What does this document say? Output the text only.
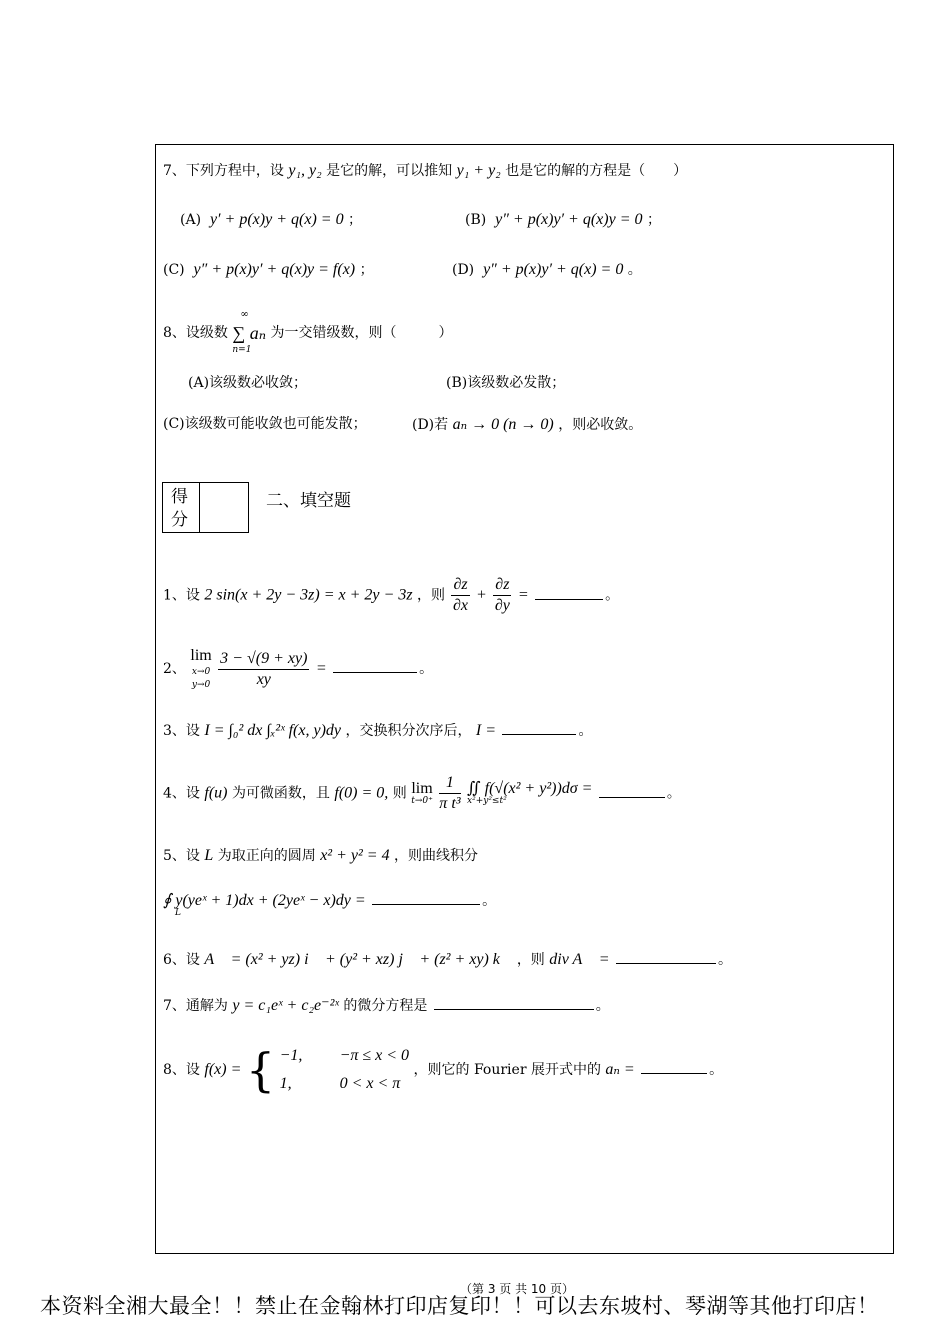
7、下列方程中，设 y₁, y₂ 是它的解，可以推知 y₁ + y₂ 也是它的解的方程是（　　）
(A) y′ + p(x)y + q(x) = 0 ；	(B) y″ + p(x)y′ + q(x)y = 0 ；
(C) y″ + p(x)y′ + q(x)y = f(x) ；	(D) y″ + p(x)y′ + q(x) = 0 。
8、设级数
∞
∑ aₙ
n=1
为一交错级数，则（　　　）
(A)该级数必收敛；	(B)该级数必发散；
(C)该级数可能收敛也可能发散；	(D)若 aₙ → 0 (n → 0) ，则必收敛。
得
分
二、填空题
1、设 2 sin(x + 2y − 3z) = x + 2y − 3z ，则 $\frac{\partial z}{\partial x} + \frac{\partial z}{\partial y}$ =	。
2、 lim
x→0
y→0
$\frac{3 - √(9 + xy)}{xy}$ =	。
3、设 I = ∫₀² dx ∫ₓ²ˣ f(x, y)dy ，交换积分次序后， I =	。
4、设 f(u) 为可微函数，且 f(0) = 0, 则 lim
t→0⁺
$\frac{1}{\text{π t³}}$ ∬ f(√(x² + y²))dσ =
x²+y²≤t²	。
5、设 L 为取正向的圆周 x² + y² = 4 ，则曲线积分
∮ y(yeˣ + 1)dx + (2yeˣ − x)dy =	。
L
6、设 A⃗ = (x² + yz) i⃗ + (y² + xz) j⃗ + (z² + xy) k⃗ ，则 div A⃗ =	。
7、通解为 y = c₁eˣ + c₂e⁻²ˣ 的微分方程是	。
8、设 f(x) = { −1, −π ≤ x < 0
1,	0 < x < π
，则它的 Fourier 展开式中的 aₙ =	。
（第 3 页 共 10 页）
本资料全湘大最全！！禁止在金翰林打印店复印！！可以去东坡村、琴湖等其他打印店！
